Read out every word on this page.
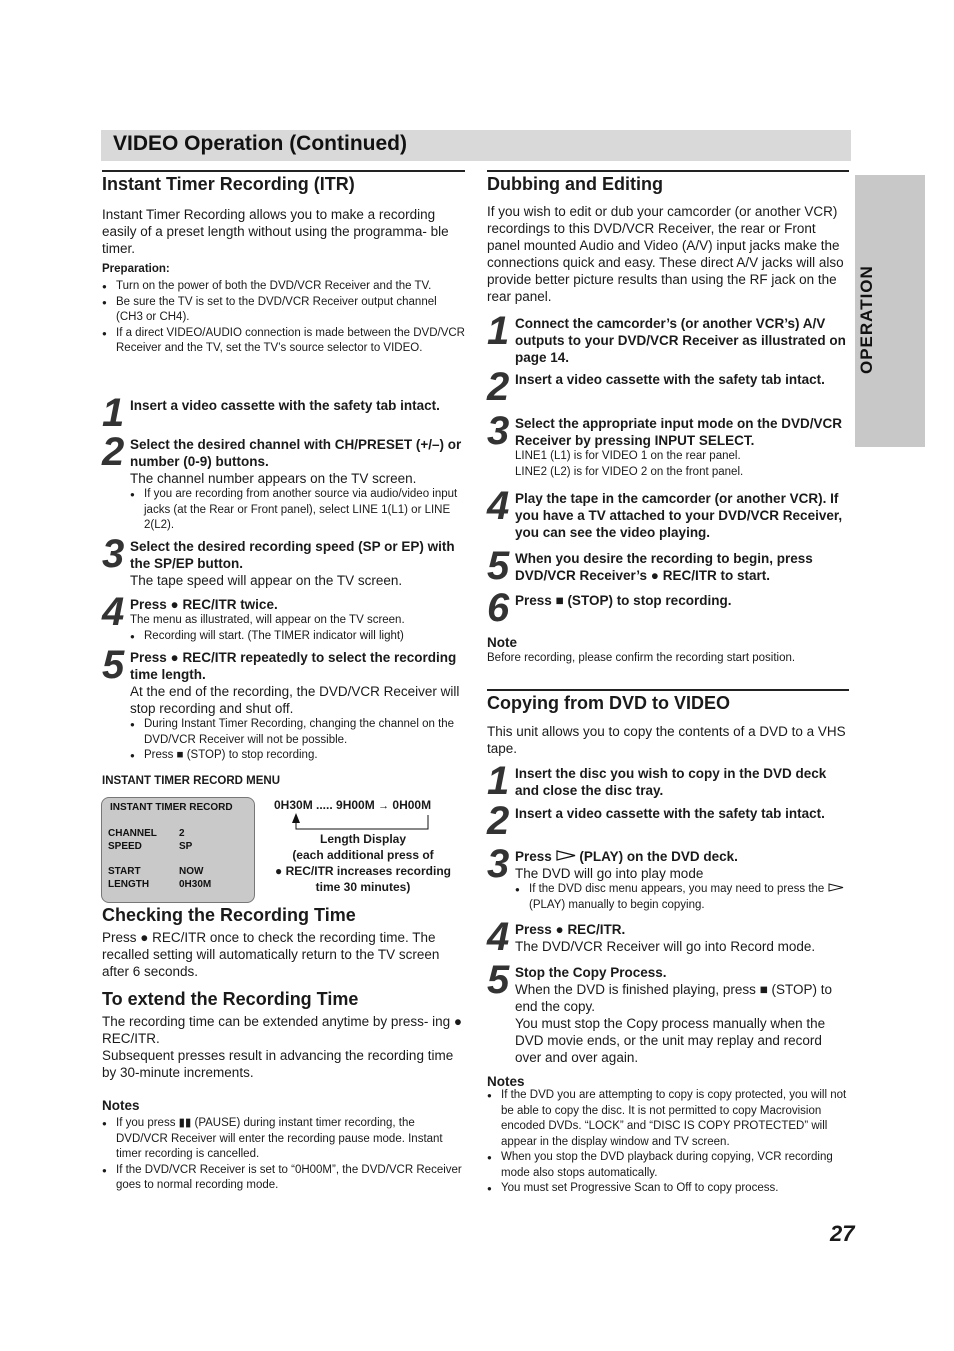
VIDEO Operation (Continued)
OPERATION
Instant Timer Recording (ITR)

Instant Timer Recording allows you to make a recording easily of a preset length without using the programma- ble timer.

Preparation:

● Turn on the power of both the DVD/VCR Receiver and the TV.
● Be sure the TV is set to the DVD/VCR Receiver output channel (CH3 or CH4).
● If a direct VIDEO/AUDIO connection is made between the DVD/VCR Receiver and the TV, set the TV’s source selector to VIDEO.
1 Insert a video cassette with the safety tab intact.

2 Select the desired channel with CH/PRESET (+/–) or number (0-9) buttons.

The channel number appears on the TV screen.

● If you are recording from another source via audio/video input jacks (at the Rear or Front panel), select LINE 1(L1) or LINE 2(L2).
3 Select the desired recording speed (SP or EP) with the SP/EP button.

The tape speed will appear on the TV screen.

4 Press ● REC/ITR twice.

The menu as illustrated, will appear on the TV screen.

● Recording will start. (The TIMER indicator will light)
5 Press ● REC/ITR repeatedly to select the recording time length.

At the end of the recording, the DVD/VCR Receiver will stop recording and shut off.

● During Instant Timer Recording, changing the channel on the DVD/VCR Receiver will not be possible.
● Press ■ (STOP) to stop recording.

INSTANT TIMER RECORD MENU

INSTANT TIMER RECORD
CHANNEL 2
SPEED	SP
START	NOW
LENGTH	0H30M
0H30M ..... 9H00M → 0H00M
Length Display
(each additional press of
● REC/ITR increases recording
time 30 minutes)
Checking the Recording Time

Press ● REC/ITR once to check the recording time. The recalled setting will automatically return to the TV screen after 6 seconds.

To extend the Recording Time

The recording time can be extended anytime by press- ing ● REC/ITR.

Subsequent presses result in advancing the recording time by 30-minute increments.

Notes

● If you press ▮▮ (PAUSE) during instant timer recording, the DVD/VCR Receiver will enter the recording pause mode. Instant timer recording is cancelled.
● If the DVD/VCR Receiver is set to “0H00M”, the DVD/VCR Receiver goes to normal recording mode.
Dubbing and Editing

If you wish to edit or dub your camcorder (or another VCR) recordings to this DVD/VCR Receiver, the rear or Front panel mounted Audio and Video (A/V) input jacks make the connections quick and easy. These direct A/V jacks will also provide better picture results than using the RF jack on the rear panel.

1 Connect the camcorder’s (or another VCR’s) A/V outputs to your DVD/VCR Receiver as illustrated on page 14.

2 Insert a video cassette with the safety tab intact.

3 Select the appropriate input mode on the DVD/VCR Receiver by pressing INPUT SELECT.

LINE1 (L1) is for VIDEO 1 on the rear panel.

LINE2 (L2) is for VIDEO 2 on the front panel.

4 Play the tape in the camcorder (or another VCR). If you have a TV attached to your DVD/VCR Receiver, you can see the video playing.

5 When you desire the recording to begin, press DVD/VCR Receiver’s ● REC/ITR to start.

6 Press ■ (STOP) to stop recording.

Note

Before recording, please confirm the recording start position.

Copying from DVD to VIDEO

This unit allows you to copy the contents of a DVD to a VHS tape.

1 Insert the disc you wish to copy in the DVD deck and close the disc tray.

2 Insert a video cassette with the safety tab intact.

3 Press (PLAY) on the DVD deck.

The DVD will go into play mode

● If the DVD disc menu appears, you may need to press the  (PLAY) manually to begin copying.
4 Press ● REC/ITR.

The DVD/VCR Receiver will go into Record mode.

5 Stop the Copy Process.

When the DVD is finished playing, press ■ (STOP) to end the copy.

You must stop the Copy process manually when the DVD movie ends, or the unit may replay and record over and over again.

Notes

● If the DVD you are attempting to copy is copy protected, you will not be able to copy the disc. It is not permitted to copy Macrovision encoded DVDs. “LOCK” and “DISC IS COPY PROTECTED” will appear in the display window and TV screen.
● When you stop the DVD playback during copying, VCR recording mode also stops automatically.
● You must set Progressive Scan to Off to copy process.
27
